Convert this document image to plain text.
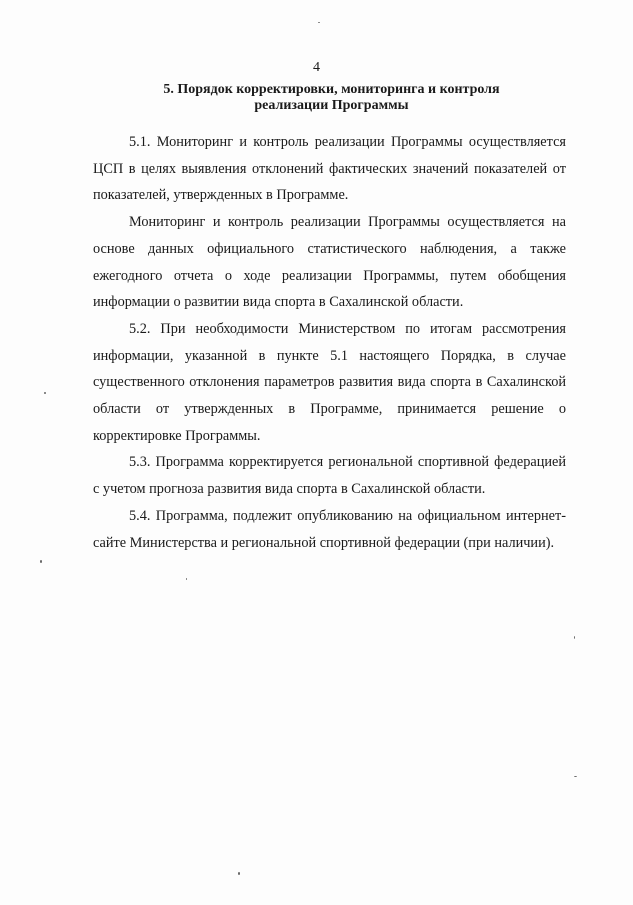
4
5. Порядок корректировки, мониторинга и контроля
реализации Программы

5.1. Мониторинг и контроль реализации Программы осуществляется ЦСП в целях выявления отклонений фактических значений показателей от показателей, утвержденных в Программе.

Мониторинг и контроль реализации Программы осуществляется на основе данных официального статистического наблюдения, а также ежегодного отчета о ходе реализации Программы, путем обобщения информации о развитии вида спорта в Сахалинской области.

5.2. При необходимости Министерством по итогам рассмотрения информации, указанной в пункте 5.1 настоящего Порядка, в случае существенного отклонения параметров развития вида спорта в Сахалинской области от утвержденных в Программе, принимается решение о корректировке Программы.

5.3. Программа корректируется региональной спортивной федерацией с учетом прогноза развития вида спорта в Сахалинской области.

5.4. Программа, подлежит опубликованию на официальном интернет-сайте Министерства и региональной спортивной федерации (при наличии).
